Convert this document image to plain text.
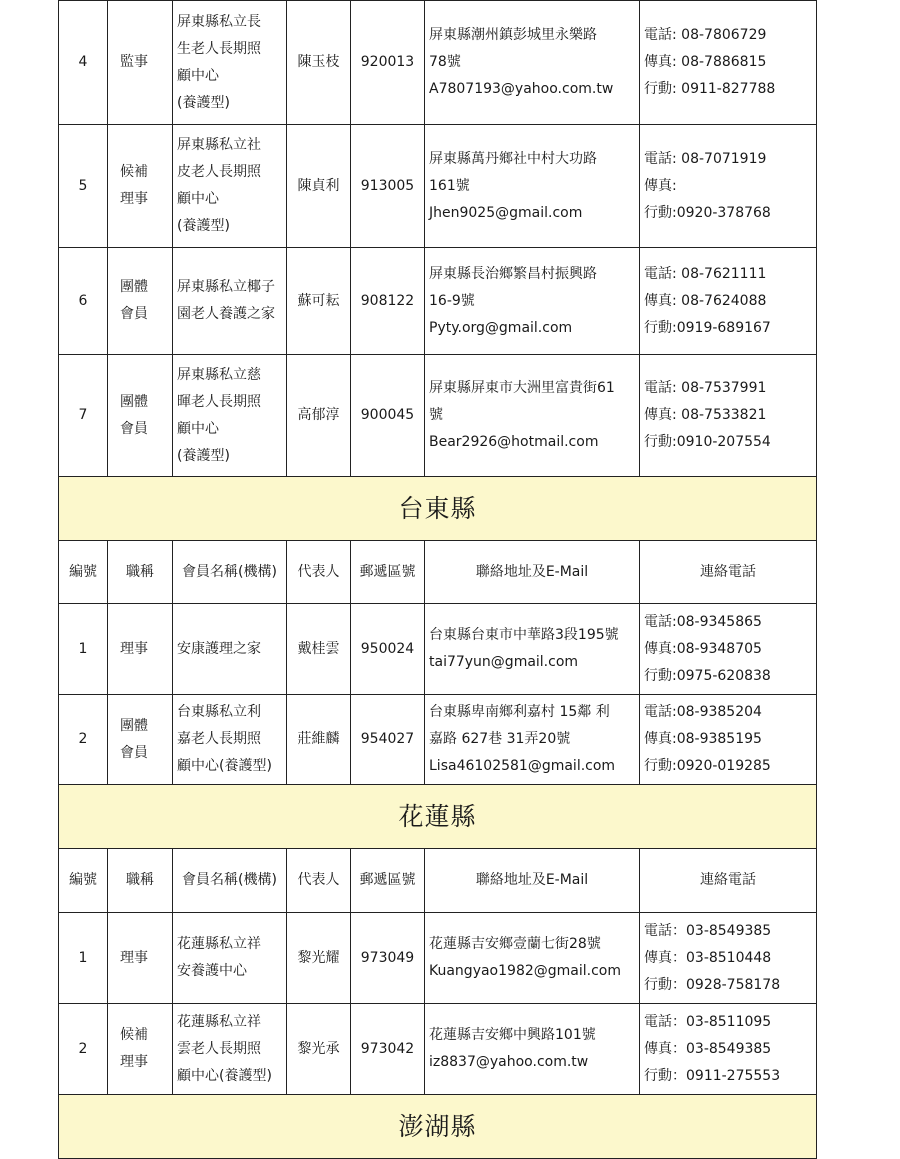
4	監事	屏東縣私立長
生老人長期照
顧中心
(養護型)	陳玉枝	920013	屏東縣潮州鎮彭城里永樂路
78號
A7807193@yahoo.com.tw	電話: 08-7806729
傳真: 08-7886815
行動: 0911-827788

5	候補
理事	屏東縣私立社
皮老人長期照
顧中心
(養護型)	陳貞利	913005	屏東縣萬丹鄉社中村大功路
161號
Jhen9025@gmail.com	電話: 08-7071919
傳真:
行動:0920-378768

6	團體
會員	屏東縣私立椰子
園老人養護之家	蘇可耘	908122	屏東縣長治鄉繁昌村振興路
16-9號
Pyty.org@gmail.com	電話: 08-7621111
傳真: 08-7624088
行動:0919-689167

7	團體
會員	屏東縣私立慈
暉老人長期照
顧中心
(養護型)	高郁淳	900045	屏東縣屏東市大洲里富貴街61
號
Bear2926@hotmail.com	電話: 08-7537991
傳真: 08-7533821
行動:0910-207554

台東縣						
編號	職稱	會員名稱(機構)	代表人	郵遞區號	聯絡地址及E-Mail	連絡電話
1	理事	安康護理之家	戴桂雲	950024	台東縣台東市中華路3段195號
tai77yun@gmail.com	電話:08-9345865
傳真:08-9348705
行動:0975-620838

2	團體
會員	台東縣私立利
嘉老人長期照
顧中心(養護型)	莊維麟	954027	台東縣卑南鄉利嘉村 15鄰 利
嘉路 627巷 31弄20號
Lisa46102581@gmail.com	電話:08-9385204
傳真:08-9385195
行動:0920-019285

花蓮縣						
編號	職稱	會員名稱(機構)	代表人	郵遞區號	聯絡地址及E-Mail	連絡電話
1	理事	花蓮縣私立祥
安養護中心	黎光耀	973049	花蓮縣吉安鄉壹蘭七街28號
Kuangyao1982@gmail.com	電話：03-8549385
傳真：03-8510448
行動：0928-758178

2	候補
理事	花蓮縣私立祥
雲老人長期照
顧中心(養護型)	黎光承	973042	花蓮縣吉安鄉中興路101號
iz8837@yahoo.com.tw	電話：03-8511095
傳真：03-8549385
行動：0911-275553

澎湖縣						
